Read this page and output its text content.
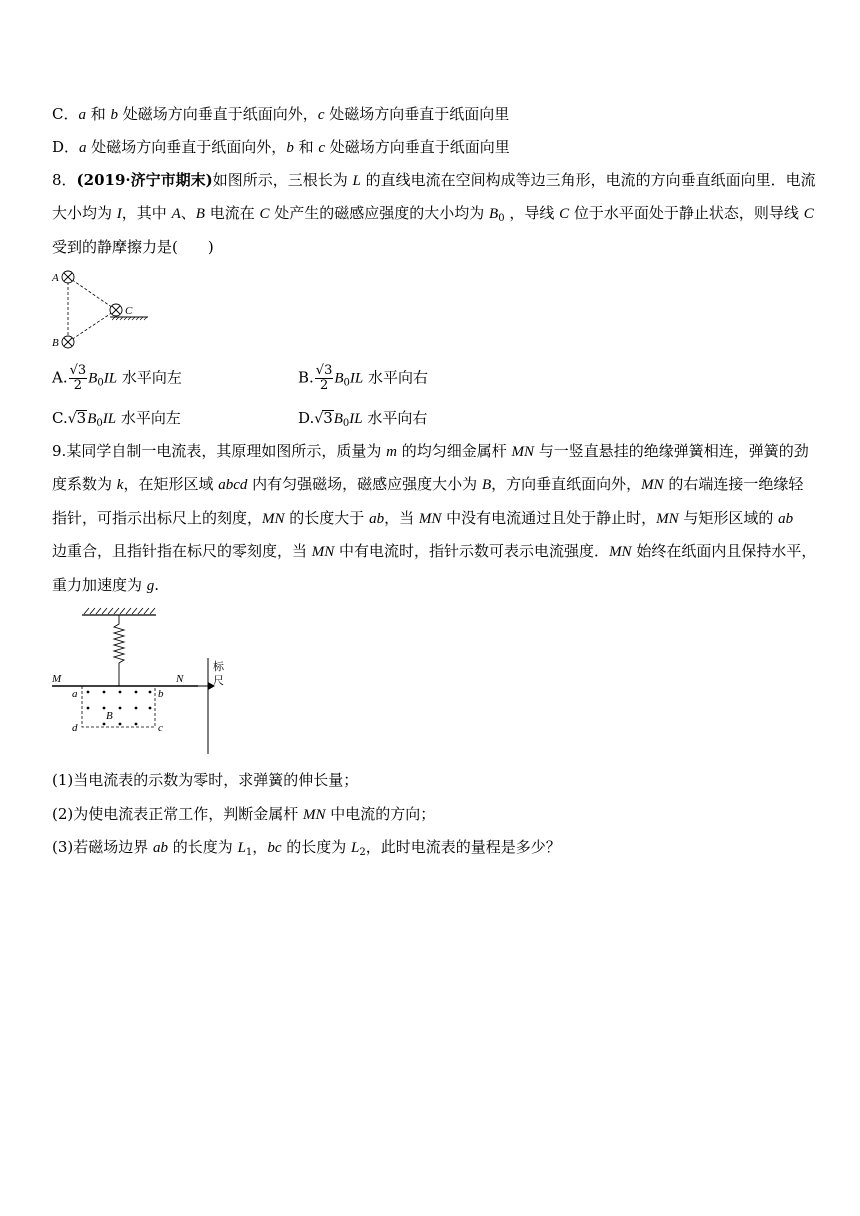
C．a 和 b 处磁场方向垂直于纸面向外，c 处磁场方向垂直于纸面向里
D．a 处磁场方向垂直于纸面向外，b 和 c 处磁场方向垂直于纸面向里
8．(2019·济宁市期末)如图所示，三根长为 L 的直线电流在空间构成等边三角形，电流的方向垂直纸面向里．电流
大小均为 I，其中 A、B 电流在 C 处产生的磁感应强度的大小均为 $B_0$ ，导线 C 位于水平面处于静止状态，则导线 C
受到的静摩擦力是(　　)
A
B
C
A. $\frac{√3}{2} B_0IL$ 水平向左	B. $\frac{√3}{2} B_0IL$ 水平向右
$C.√3B_0IL$ 水平向左	$D.√3B_0IL$ 水平向右
9.某同学自制一电流表，其原理如图所示，质量为 m 的均匀细金属杆 MN 与一竖直悬挂的绝缘弹簧相连，弹簧的劲
度系数为 k，在矩形区域 abcd 内有匀强磁场，磁感应强度大小为 B，方向垂直纸面向外，MN 的右端连接一绝缘轻
指针，可指示出标尺上的刻度，MN 的长度大于 ab，当 MN 中没有电流通过且处于静止时，MN 与矩形区域的 ab
边重合，且指针指在标尺的零刻度，当 MN 中有电流时，指针示数可表示电流强度．MN 始终在纸面内且保持水平，
重力加速度为 g.
标
尺
M	N
a	b
d	c
B
(1)当电流表的示数为零时，求弹簧的伸长量；
(2)为使电流表正常工作，判断金属杆 MN 中电流的方向；
(3)若磁场边界 ab 的长度为 $L_1$，bc 的长度为 $L_2$，此时电流表的量程是多少？
